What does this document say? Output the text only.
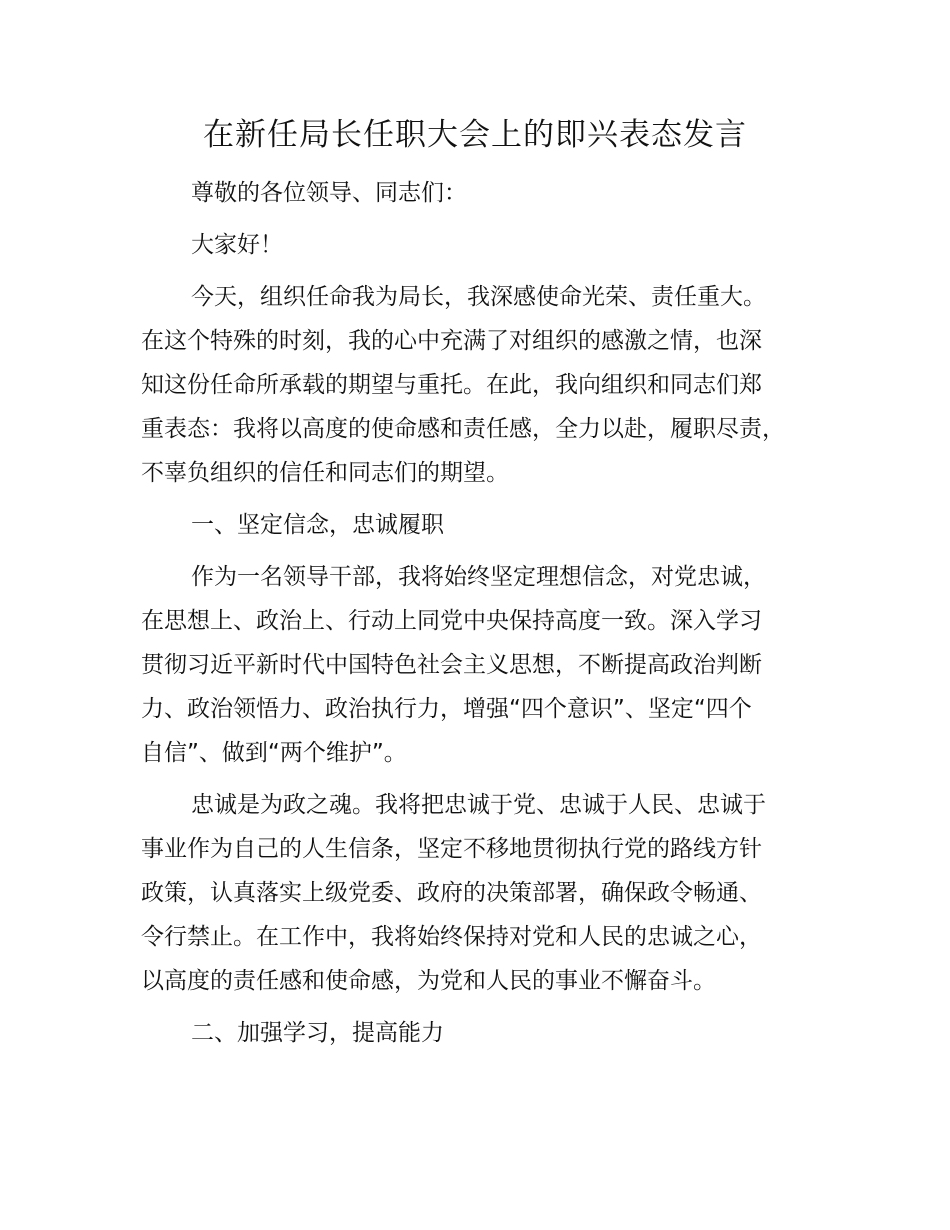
在新任局长任职大会上的即兴表态发言

尊敬的各位领导、同志们：

大家好！

今天，组织任命我为局长，我深感使命光荣、责任重大。
在这个特殊的时刻，我的心中充满了对组织的感激之情，也深
知这份任命所承载的期望与重托。在此，我向组织和同志们郑
重表态：我将以高度的使命感和责任感，全力以赴，履职尽责，
不辜负组织的信任和同志们的期望。

一、坚定信念，忠诚履职

作为一名领导干部，我将始终坚定理想信念，对党忠诚，
在思想上、政治上、行动上同党中央保持高度一致。深入学习
贯彻习近平新时代中国特色社会主义思想，不断提高政治判断
力、政治领悟力、政治执行力，增强“四个意识”、坚定“四个
自信”、做到“两个维护”。
忠诚是为政之魂。我将把忠诚于党、忠诚于人民、忠诚于
事业作为自己的人生信条，坚定不移地贯彻执行党的路线方针
政策，认真落实上级党委、政府的决策部署，确保政令畅通、
令行禁止。在工作中，我将始终保持对党和人民的忠诚之心，
以高度的责任感和使命感，为党和人民的事业不懈奋斗。

二、加强学习，提高能力
